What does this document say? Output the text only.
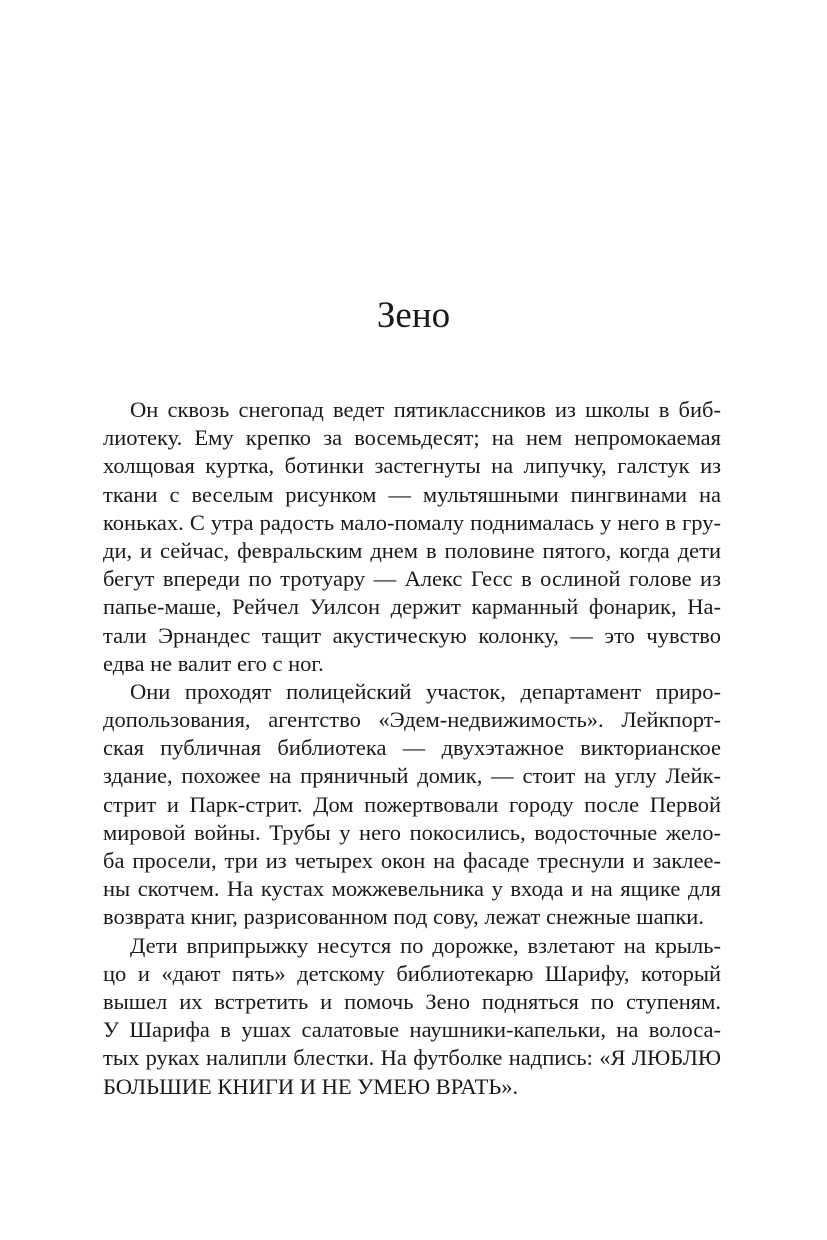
Зено

Он сквозь снегопад ведет пятиклассников из школы в биб-
лиотеку. Ему крепко за восемьдесят; на нем непромокаемая
холщовая куртка, ботинки застегнуты на липучку, галстук из
ткани с веселым рисунком — мультяшными пингвинами на
коньках. С утра радость мало-помалу поднималась у него в гру-
ди, и сейчас, февральским днем в половине пятого, когда дети
бегут впереди по тротуару — Алекс Гесс в ослиной голове из
папье-маше, Рейчел Уилсон держит карманный фонарик, На-
тали Эрнандес тащит акустическую колонку, — это чувство
едва не валит его с ног.

Они проходят полицейский участок, департамент приро-
допользования, агентство «Эдем-недвижимость». Лейкпорт-
ская публичная библиотека — двухэтажное викторианское
здание, похожее на пряничный домик, — стоит на углу Лейк-
стрит и Парк-стрит. Дом пожертвовали городу после Первой
мировой войны. Трубы у него покосились, водосточные жело-
ба просели, три из четырех окон на фасаде треснули и заклее-
ны скотчем. На кустах можжевельника у входа и на ящике для
возврата книг, разрисованном под сову, лежат снежные шапки.

Дети вприпрыжку несутся по дорожке, взлетают на крыль-
цо и «дают пять» детскому библиотекарю Шарифу, который
вышел их встретить и помочь Зено подняться по ступеням.
У Шарифа в ушах салатовые наушники-капельки, на волоса-
тых руках налипли блестки. На футболке надпись: «Я ЛЮБЛЮ
БОЛЬШИЕ КНИГИ И НЕ УМЕЮ ВРАТЬ».
